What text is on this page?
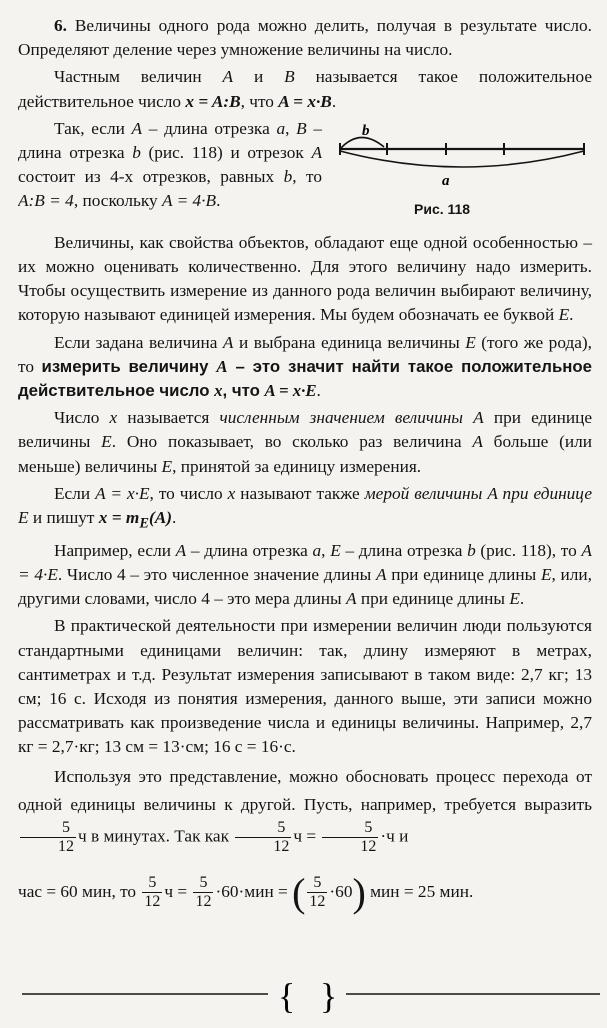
6. Величины одного рода можно делить, получая в результате число. Определяют деление через умножение величины на число.

Частным величин A и B называется такое положительное действительное число x = A:B, что A = x·B.

b
a
Рис. 118

Так, если A – длина отрезка a, B – длина отрезка b (рис. 118) и отрезок A состоит из 4-х отрезков, равных b, то A:B = 4, поскольку A = 4·B.

Величины, как свойства объектов, обладают еще одной особенностью – их можно оценивать количественно. Для этого величину надо измерить. Чтобы осуществить измерение из данного рода величин выбирают величину, которую называют единицей измерения. Мы будем обозначать ее буквой E.

Если задана величина A и выбрана единица величины E (того же рода), то измерить величину A – это значит найти такое положительное действительное число x, что A = x·E.

Число x называется численным значением величины A при единице величины E. Оно показывает, во сколько раз величина A больше (или меньше) величины E, принятой за единицу измерения.

Если A = x·E, то число x называют также мерой величины A при единице E и пишут $x = m_E(A)$.

Например, если A – длина отрезка a, E – длина отрезка b (рис. 118), то A = 4·E. Число 4 – это численное значение длины A при единице длины E, или, другими словами, число 4 – это мера длины A при единице длины E.

В практической деятельности при измерении величин люди пользуются стандартными единицами величин: так, длину измеряют в метрах, сантиметрах и т.д. Результат измерения записывают в таком виде: 2,7 кг; 13 см; 16 с. Исходя из понятия измерения, данного выше, эти записи можно рассматривать как произведение числа и единицы величины. Например, 2,7 кг = 2,7·кг; 13 см = 13·см; 16 с = 16·с.

Используя это представление, можно обосновать процесс перехода от одной единицы величины к другой. Пусть, например, требуется выразить
$\frac{5}{12}$ ч в минутах. Так как $\frac{5}{12}$ $ч = \frac{5}{12} \cdot ч$ и

час = 60 мин, то $\frac{5}{12}$ $ч = \frac{5}{12} \cdot 60\cdot мин$ = ( $\frac{5}{12} \cdot 60$) мин = 25 мин.

{ }
